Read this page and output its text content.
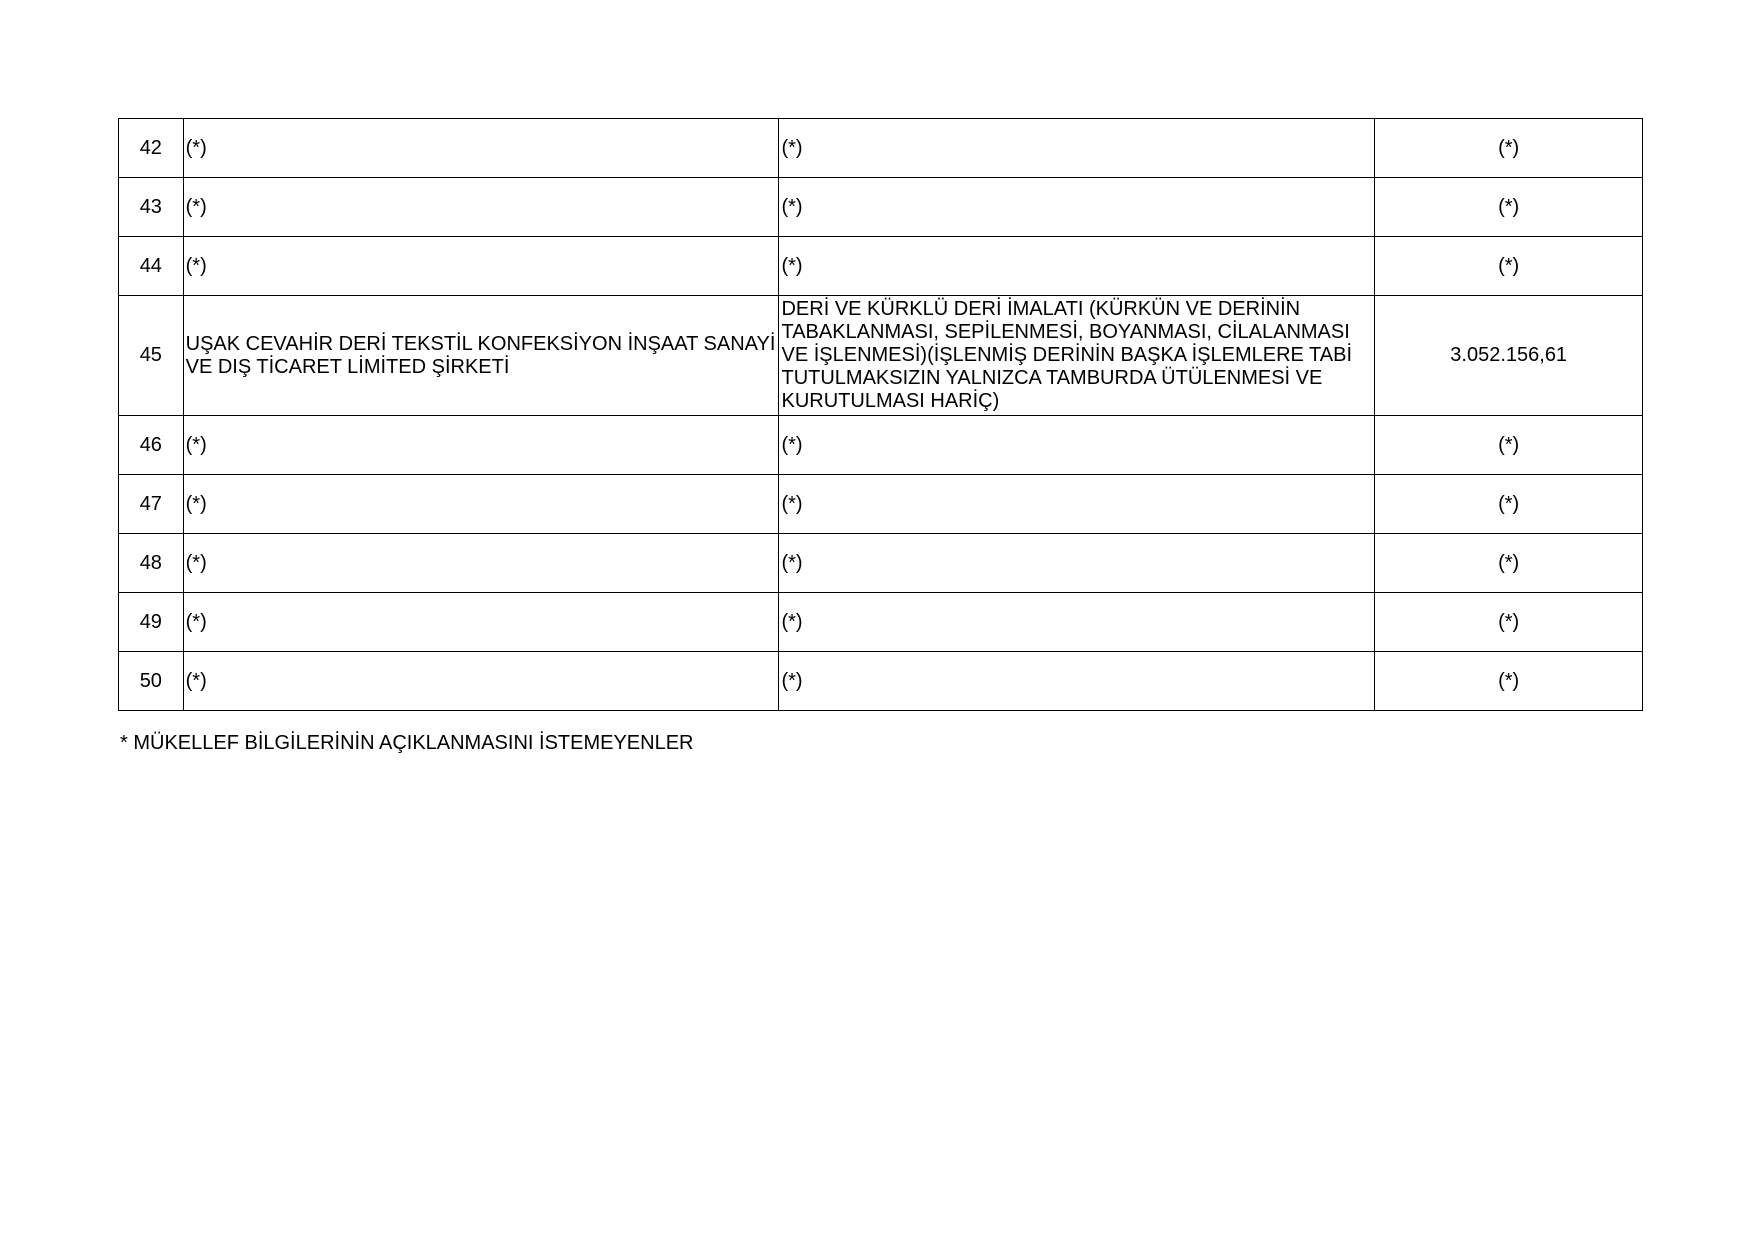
42	(*)	(*)	(*)
43	(*)	(*)	(*)
44	(*)	(*)	(*)
45	UŞAK CEVAHİR DERİ TEKSTİL KONFEKSİYON İNŞAAT SANAYİ VE DIŞ TİCARET LİMİTED ŞİRKETİ	DERİ VE KÜRKLÜ DERİ İMALATI (KÜRKÜN VE DERİNİN TABAKLANMASI, SEPİLENMESİ, BOYANMASI, CİLALANMASI VE İŞLENMESİ)(İŞLENMİŞ DERİNİN BAŞKA İŞLEMLERE TABİ TUTULMAKSIZIN YALNIZCA TAMBURDA ÜTÜLENMESİ VE KURUTULMASI HARİÇ)	3.052.156,61
46	(*)	(*)	(*)
47	(*)	(*)	(*)
48	(*)	(*)	(*)
49	(*)	(*)	(*)
50	(*)	(*)	(*)

* MÜKELLEF BİLGİLERİNİN AÇIKLANMASINI İSTEMEYENLER
